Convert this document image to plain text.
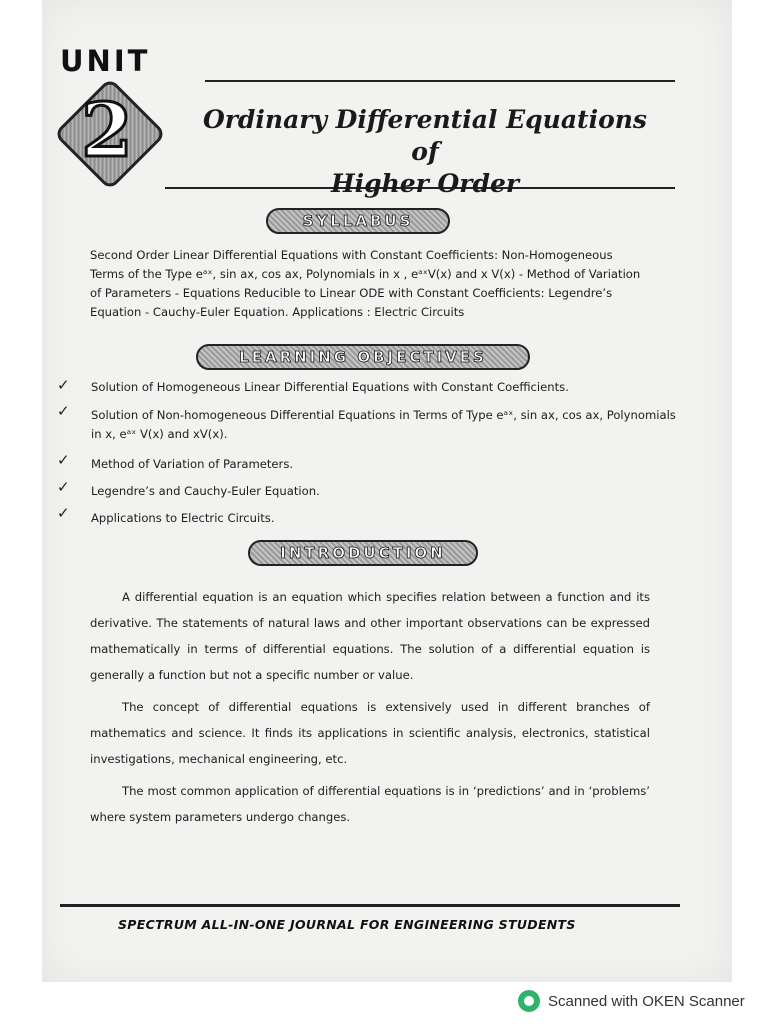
UNIT
2	Ordinary Differential Equations of
Higher Order
SYLLABUS
Second Order Linear Differential Equations with Constant Coefficients: Non-Homogeneous
Terms of the Type eᵃˣ, sin ax, cos ax, Polynomials in x , eᵃˣV(x) and x V(x) - Method of Variation
of Parameters - Equations Reducible to Linear ODE with Constant Coefficients: Legendre’s
Equation - Cauchy-Euler Equation. Applications : Electric Circuits
LEARNING OBJECTIVES
✓ Solution of Homogeneous Linear Differential Equations with Constant Coefficients.
✓ Solution of Non-homogeneous Differential Equations in Terms of Type eᵃˣ, sin ax, cos ax, Polynomials
in x, eᵃˣ V(x) and xV(x).
✓ Method of Variation of Parameters.
✓ Legendre’s and Cauchy-Euler Equation.
✓ Applications to Electric Circuits.
INTRODUCTION

A differential equation is an equation which specifies relation between a function and its derivative. The statements of natural laws and other important observations can be expressed mathematically in terms of differential equations. The solution of a differential equation is generally a function but not a specific number or value.

The concept of differential equations is extensively used in different branches of mathematics and science. It finds its applications in scientific analysis, electronics, statistical investigations, mechanical engineering, etc.

The most common application of differential equations is in ‘predictions’ and in ‘problems’ where system parameters undergo changes.

SPECTRUM ALL-IN-ONE JOURNAL FOR ENGINEERING STUDENTS
Scanned with OKEN Scanner
